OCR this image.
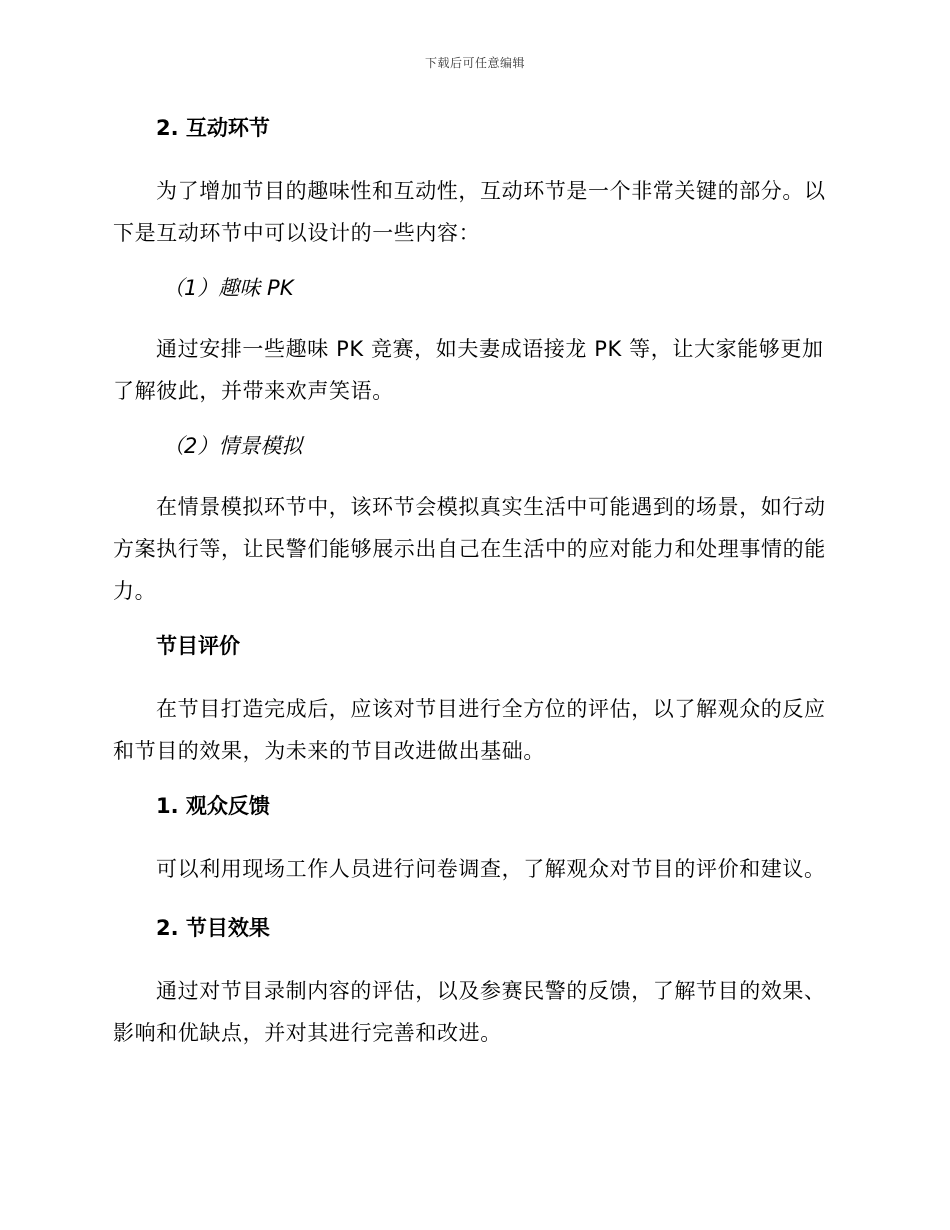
下载后可任意编辑
2. 互动环节
为了增加节目的趣味性和互动性，互动环节是一个非常关键的部分。以下是互动环节中可以设计的一些内容：
（1）趣味 PK
通过安排一些趣味 PK 竞赛，如夫妻成语接龙 PK 等，让大家能够更加了解彼此，并带来欢声笑语。
（2）情景模拟
在情景模拟环节中，该环节会模拟真实生活中可能遇到的场景，如行动方案执行等，让民警们能够展示出自己在生活中的应对能力和处理事情的能力。
节目评价
在节目打造完成后，应该对节目进行全方位的评估，以了解观众的反应和节目的效果，为未来的节目改进做出基础。
1. 观众反馈
可以利用现场工作人员进行问卷调查，了解观众对节目的评价和建议。
2. 节目效果
通过对节目录制内容的评估，以及参赛民警的反馈，了解节目的效果、影响和优缺点，并对其进行完善和改进。
